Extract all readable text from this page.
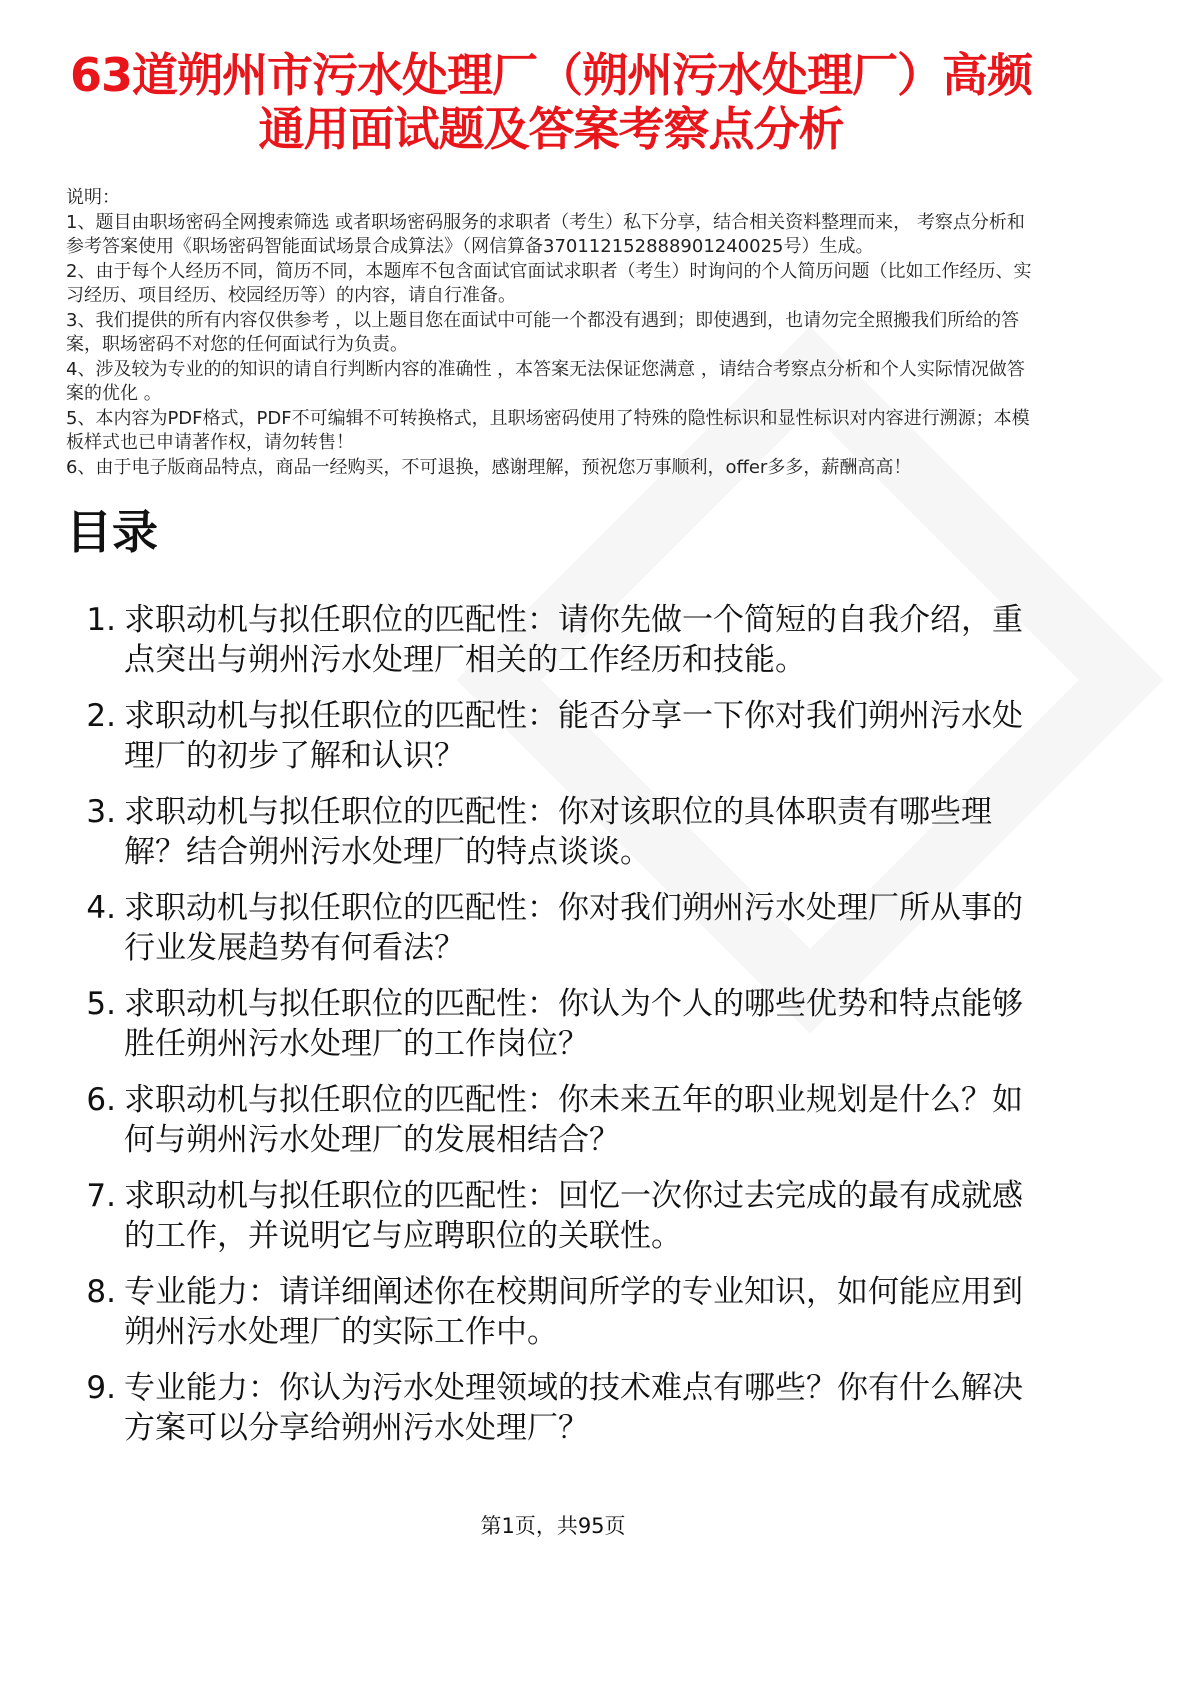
63道朔州市污水处理厂（朔州污水处理厂）高频通用面试题及答案考察点分析

说明：

1、题目由职场密码全网搜索筛选 或者职场密码服务的求职者（考生）私下分享，结合相关资料整理而来， 考察点分析和参考答案使用《职场密码智能面试场景合成算法》（网信算备370112152888901240025号）生成。

2、由于每个人经历不同，简历不同，本题库不包含面试官面试求职者（考生）时询问的个人简历问题（比如工作经历、实习经历、项目经历、校园经历等）的内容，请自行准备。

3、我们提供的所有内容仅供参考 ，以上题目您在面试中可能一个都没有遇到；即使遇到，也请勿完全照搬我们所给的答案，职场密码不对您的任何面试行为负责。

4、涉及较为专业的的知识的请自行判断内容的准确性 ，本答案无法保证您满意 ，请结合考察点分析和个人实际情况做答案的优化 。

5、本内容为PDF格式，PDF不可编辑不可转换格式，且职场密码使用了特殊的隐性标识和显性标识对内容进行溯源；本模板样式也已申请著作权，请勿转售！

6、由于电子版商品特点，商品一经购买，不可退换，感谢理解，预祝您万事顺利，offer多多，薪酬高高！

目录
1. 求职动机与拟任职位的匹配性：请你先做一个简短的自我介绍，重点突出与朔州污水处理厂相关的工作经历和技能。
2. 求职动机与拟任职位的匹配性：能否分享一下你对我们朔州污水处理厂的初步了解和认识？
3. 求职动机与拟任职位的匹配性：你对该职位的具体职责有哪些理解？结合朔州污水处理厂的特点谈谈。
4. 求职动机与拟任职位的匹配性：你对我们朔州污水处理厂所从事的行业发展趋势有何看法？
5. 求职动机与拟任职位的匹配性：你认为个人的哪些优势和特点能够胜任朔州污水处理厂的工作岗位？
6. 求职动机与拟任职位的匹配性：你未来五年的职业规划是什么？如何与朔州污水处理厂的发展相结合？
7. 求职动机与拟任职位的匹配性：回忆一次你过去完成的最有成就感的工作，并说明它与应聘职位的关联性。
8. 专业能力：请详细阐述你在校期间所学的专业知识，如何能应用到朔州污水处理厂的实际工作中。
9. 专业能力：你认为污水处理领域的技术难点有哪些？你有什么解决方案可以分享给朔州污水处理厂？
第1页，共95页
